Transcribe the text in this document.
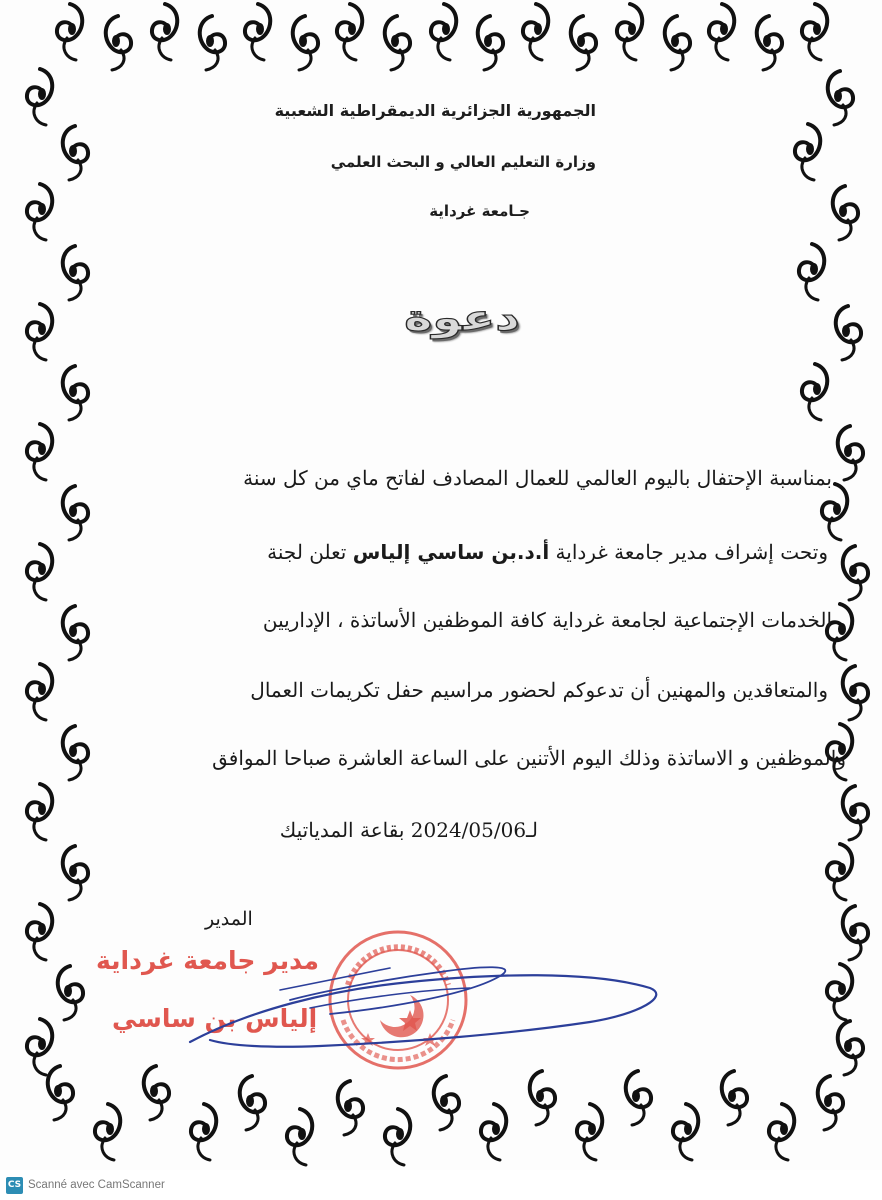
الجمهورية الجزائرية الديمقراطية الشعبية
وزارة التعليم العالي و البحث العلمي
جـامعة غرداية
دعوة
بمناسبة الإحتفال باليوم العالمي للعمال المصادف لفاتح ماي من كل سنة
وتحت إشراف مدير جامعة غرداية أ.د.بن ساسي إلياس تعلن لجنة
الخدمات الإجتماعية لجامعة غرداية كافة الموظفين الأساتذة ، الإداريين
والمتعاقدين والمهنين أن تدعوكم لحضور مراسيم حفل تكريمات العمال
والموظفين و الاساتذة وذلك اليوم الأتنين على الساعة العاشرة صباحا الموافق
لـ2024/05/06 بقاعة المدياتيك
المدير
مدير جامعة غرداية
إلياس بن ساسي
CS Scanné avec CamScanner
